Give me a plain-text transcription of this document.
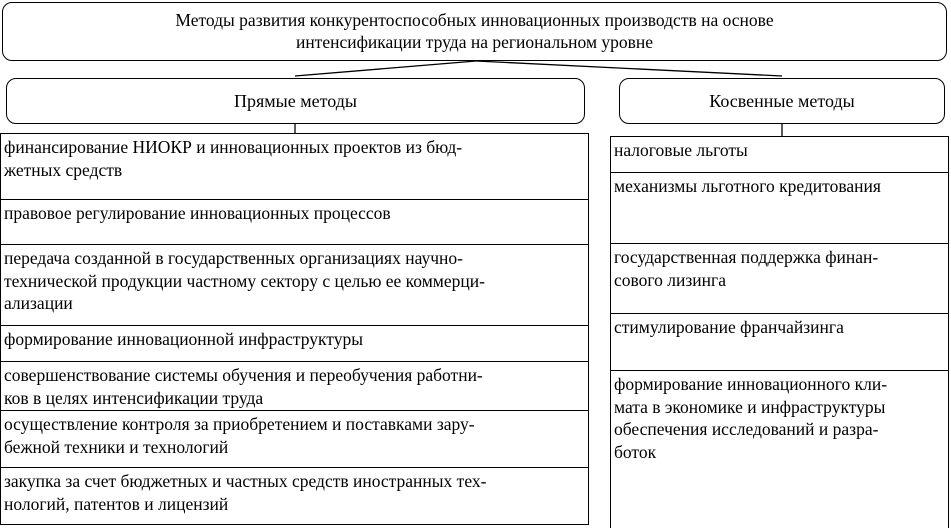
Методы развития конкурентоспособных инновационных производств на основе
интенсификации труда на региональном уровне
Прямые методы	Косвенные методы
финансирование НИОКР и инновационных проектов из бюд-
жетных средств
правовое регулирование инновационных процессов
передача созданной в государственных организациях научно-
технической продукции частному сектору с целью ее коммерци-
ализации
формирование инновационной инфраструктуры
совершенствование системы обучения и переобучения работни-
ков в целях интенсификации труда
осуществление контроля за приобретением и поставками зару-
бежной техники и технологий
закупка за счет бюджетных и частных средств иностранных тех-
нологий, патентов и лицензий
налоговые льготы
механизмы льготного кредитования
государственная поддержка финан-
сового лизинга
стимулирование франчайзинга
формирование инновационного кли-
мата в экономике и инфраструктуры
обеспечения исследований и разра-
боток
